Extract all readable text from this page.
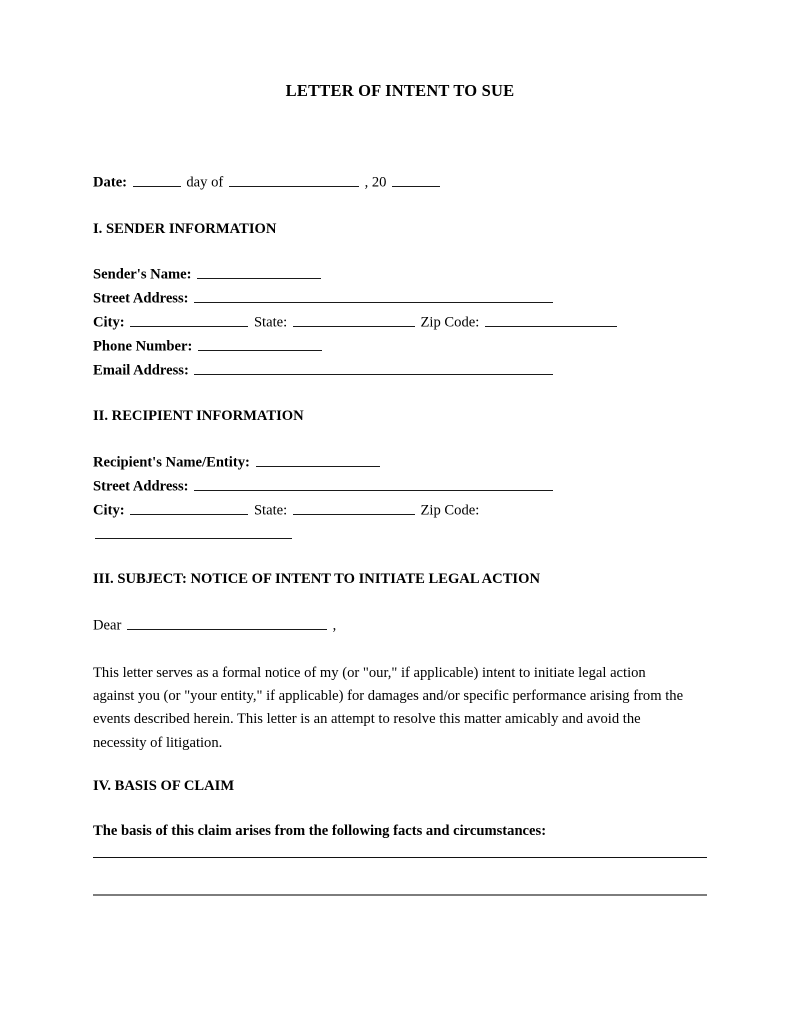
LETTER OF INTENT TO SUE
Date:	day of	, 20
I. SENDER INFORMATION
Sender's Name:
Street Address:
City:	State:	Zip Code:
Phone Number:
Email Address:
II. RECIPIENT INFORMATION
Recipient's Name/Entity:
Street Address:
City:	State:	Zip Code:
III. SUBJECT: NOTICE OF INTENT TO INITIATE LEGAL ACTION
Dear	,
This letter serves as a formal notice of my (or "our," if applicable) intent to initiate legal action against you (or "your entity," if applicable) for damages and/or specific performance arising from the events described herein. This letter is an attempt to resolve this matter amicably and avoid the necessity of litigation.
IV. BASIS OF CLAIM
The basis of this claim arises from the following facts and circumstances:
